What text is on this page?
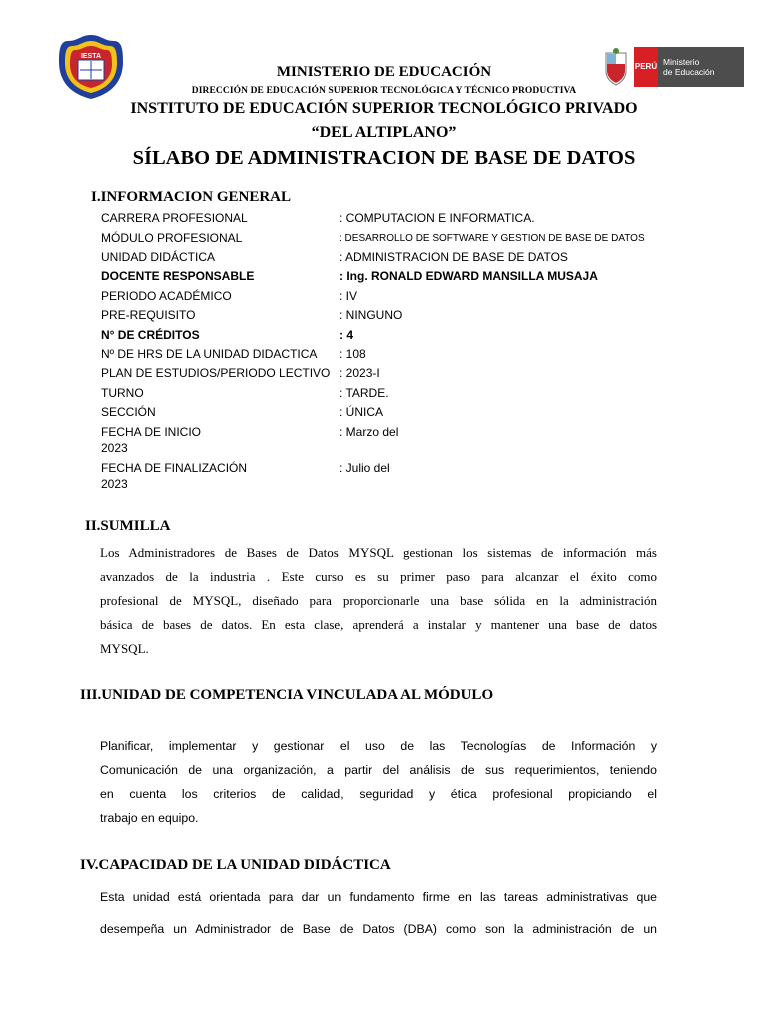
IESTA
PERÚ Ministerio
de Educación
MINISTERIO DE EDUCACIÓN
DIRECCIÓN DE EDUCACIÓN SUPERIOR TECNOLÓGICA Y TÉCNICO PRODUCTIVA
INSTITUTO DE EDUCACIÓN SUPERIOR TECNOLÓGICO PRIVADO
“DEL ALTIPLANO”
SÍLABO DE ADMINISTRACION DE BASE DE DATOS
I.INFORMACION GENERAL
CARRERA PROFESIONAL	: COMPUTACION E INFORMATICA.
MÓDULO PROFESIONAL	: DESARROLLO DE SOFTWARE Y GESTION DE BASE DE DATOS
UNIDAD DIDÁCTICA	: ADMINISTRACION DE BASE DE DATOS
DOCENTE RESPONSABLE	: Ing. RONALD EDWARD MANSILLA MUSAJA
PERIODO ACADÉMICO	: IV
PRE-REQUISITO	: NINGUNO
N° DE CRÉDITOS	: 4
Nº DE HRS DE LA UNIDAD DIDACTICA	: 108
PLAN DE ESTUDIOS/PERIODO LECTIVO : 2023-I
TURNO	: TARDE.
SECCIÓN	: ÚNICA
FECHA DE INICIO	: Marzo del
2023
FECHA DE FINALIZACIÓN	: Julio del
2023
II.SUMILLA
Los Administradores de Bases de Datos MYSQL gestionan los sistemas de información más
avanzados de la industria . Este curso es su primer paso para alcanzar el éxito como
profesional de MYSQL, diseñado para proporcionarle una base sólida en la administración
básica de bases de datos. En esta clase, aprenderá a instalar y mantener una base de datos
MYSQL.
III.UNIDAD DE COMPETENCIA VINCULADA AL MÓDULO
Planificar, implementar y gestionar el uso de las Tecnologías de Información y
Comunicación de una organización, a partir del análisis de sus requerimientos, teniendo
en cuenta los criterios de calidad, seguridad y ética profesional propiciando el
trabajo en equipo.
IV.CAPACIDAD DE LA UNIDAD DIDÁCTICA
Esta unidad está orientada para dar un fundamento firme en las tareas administrativas que
desempeña un Administrador de Base de Datos (DBA) como son la administración de un
